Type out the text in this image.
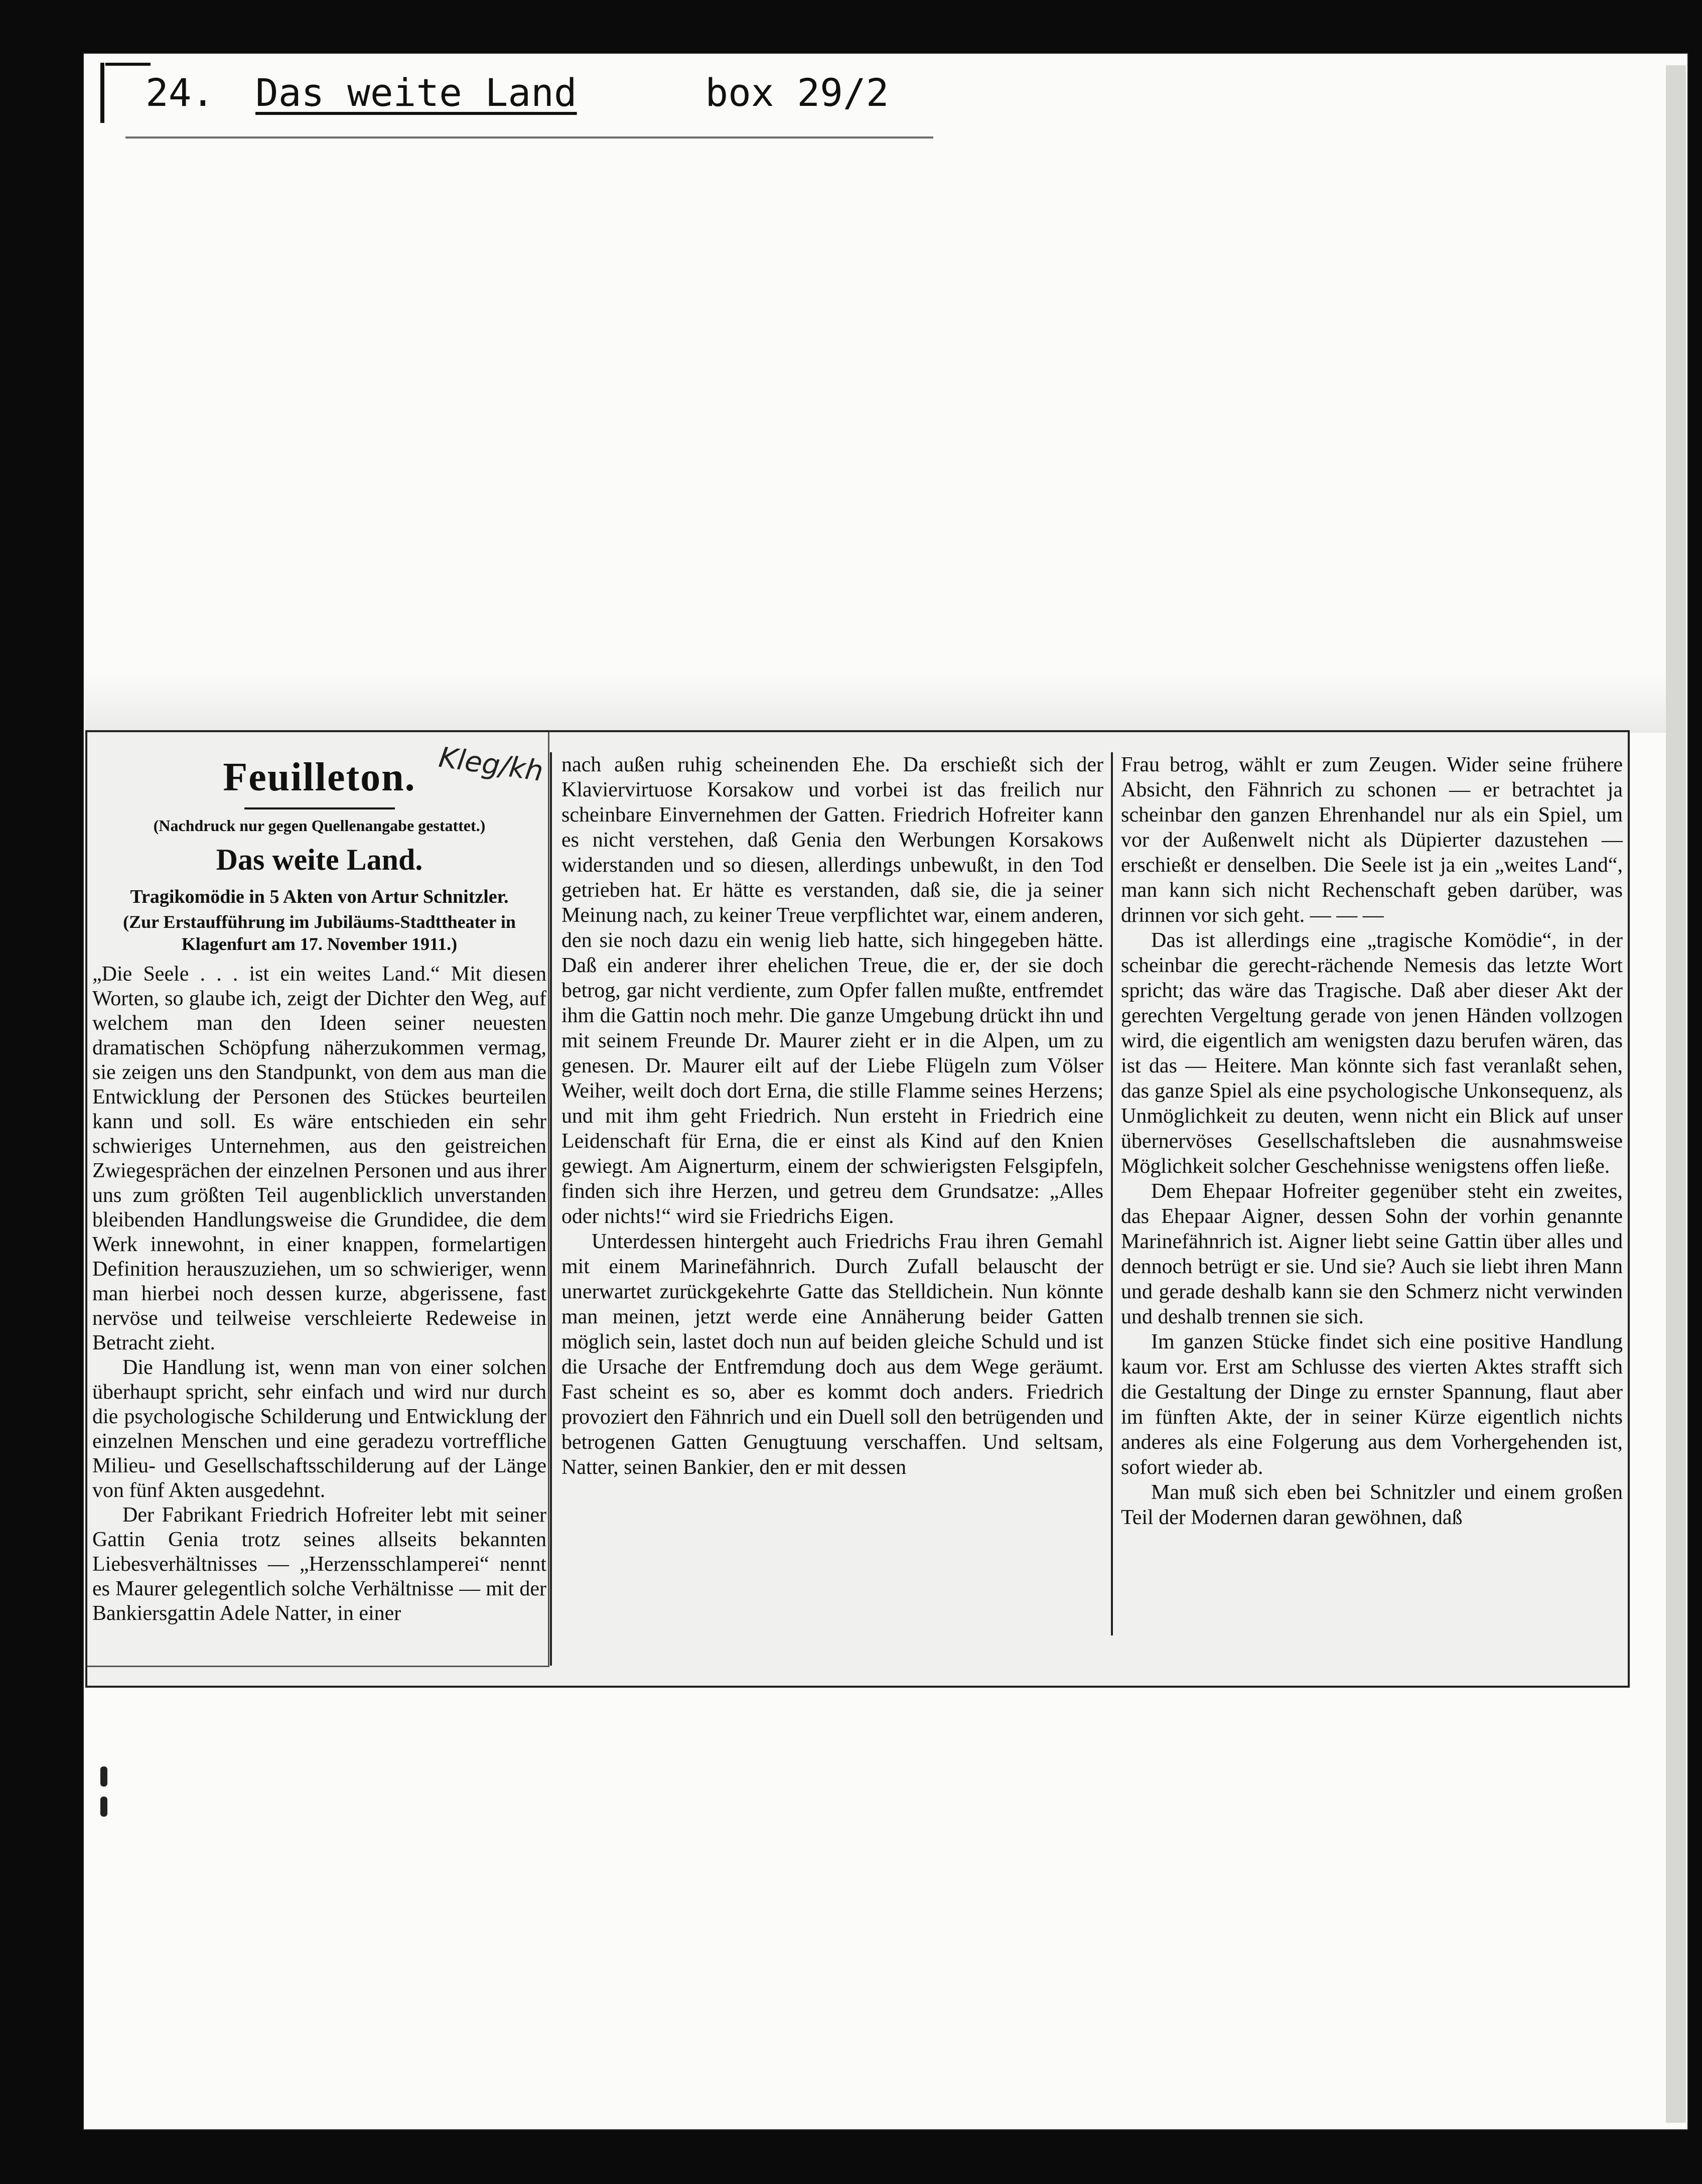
24. Das weite Land	box 29/2
Feuilleton. Kleg/kh
(Nachdruck nur gegen Quellenangabe gestattet.)
Das weite Land.
Tragikomödie in 5 Akten von Artur Schnitzler.
(Zur Erstaufführung im Jubiläums-Stadttheater in Klagenfurt am 17. November 1911.)

„Die Seele . . . ist ein weites Land.“ Mit diesen Worten, so glaube ich, zeigt der Dichter den Weg, auf welchem man den Ideen seiner neuesten dramatischen Schöpfung näherzukommen vermag, sie zeigen uns den Standpunkt, von dem aus man die Entwicklung der Personen des Stückes beurteilen kann und soll. Es wäre entschieden ein sehr schwieriges Unternehmen, aus den geistreichen Zwiegesprächen der einzelnen Personen und aus ihrer uns zum größten Teil augenblicklich unverstanden bleibenden Handlungsweise die Grundidee, die dem Werk innewohnt, in einer knappen, formelartigen Definition herauszuziehen, um so schwieriger, wenn man hierbei noch dessen kurze, abgerissene, fast nervöse und teilweise verschleierte Redeweise in Betracht zieht.

Die Handlung ist, wenn man von einer solchen überhaupt spricht, sehr einfach und wird nur durch die psychologische Schilderung und Entwicklung der einzelnen Menschen und eine geradezu vortreffliche Milieu- und Gesellschaftsschilderung auf der Länge von fünf Akten ausgedehnt.

Der Fabrikant Friedrich Hofreiter lebt mit seiner Gattin Genia trotz seines allseits bekannten Liebesverhältnisses — „Herzensschlamperei“ nennt es Maurer gelegentlich solche Verhältnisse — mit der Bankiersgattin Adele Natter, in einer

nach außen ruhig scheinenden Ehe. Da erschießt sich der Klaviervirtuose Korsakow und vorbei ist das freilich nur scheinbare Einvernehmen der Gatten. Friedrich Hofreiter kann es nicht verstehen, daß Genia den Werbungen Korsakows widerstanden und so diesen, allerdings unbewußt, in den Tod getrieben hat. Er hätte es verstanden, daß sie, die ja seiner Meinung nach, zu keiner Treue verpflichtet war, einem anderen, den sie noch dazu ein wenig lieb hatte, sich hingegeben hätte. Daß ein anderer ihrer ehelichen Treue, die er, der sie doch betrog, gar nicht verdiente, zum Opfer fallen mußte, entfremdet ihm die Gattin noch mehr. Die ganze Umgebung drückt ihn und mit seinem Freunde Dr. Maurer zieht er in die Alpen, um zu genesen. Dr. Maurer eilt auf der Liebe Flügeln zum Völser Weiher, weilt doch dort Erna, die stille Flamme seines Herzens; und mit ihm geht Friedrich. Nun ersteht in Friedrich eine Leidenschaft für Erna, die er einst als Kind auf den Knien gewiegt. Am Aignerturm, einem der schwierigsten Felsgipfeln, finden sich ihre Herzen, und getreu dem Grundsatze: „Alles oder nichts!“ wird sie Friedrichs Eigen.

Unterdessen hintergeht auch Friedrichs Frau ihren Gemahl mit einem Marinefähnrich. Durch Zufall belauscht der unerwartet zurückgekehrte Gatte das Stelldichein. Nun könnte man meinen, jetzt werde eine Annäherung beider Gatten möglich sein, lastet doch nun auf beiden gleiche Schuld und ist die Ursache der Entfremdung doch aus dem Wege geräumt. Fast scheint es so, aber es kommt doch anders. Friedrich provoziert den Fähnrich und ein Duell soll den betrügenden und betrogenen Gatten Genugtuung verschaffen. Und seltsam, Natter, seinen Bankier, den er mit dessen

Frau betrog, wählt er zum Zeugen. Wider seine frühere Absicht, den Fähnrich zu schonen — er betrachtet ja scheinbar den ganzen Ehrenhandel nur als ein Spiel, um vor der Außenwelt nicht als Düpierter dazustehen — erschießt er denselben. Die Seele ist ja ein „weites Land“, man kann sich nicht Rechenschaft geben darüber, was drinnen vor sich geht. — — —

Das ist allerdings eine „tragische Komödie“, in der scheinbar die gerecht-rächende Nemesis das letzte Wort spricht; das wäre das Tragische. Daß aber dieser Akt der gerechten Vergeltung gerade von jenen Händen vollzogen wird, die eigentlich am wenigsten dazu berufen wären, das ist das — Heitere. Man könnte sich fast veranlaßt sehen, das ganze Spiel als eine psychologische Unkonsequenz, als Unmöglichkeit zu deuten, wenn nicht ein Blick auf unser übernervöses Gesellschaftsleben die ausnahmsweise Möglichkeit solcher Geschehnisse wenigstens offen ließe.

Dem Ehepaar Hofreiter gegenüber steht ein zweites, das Ehepaar Aigner, dessen Sohn der vorhin genannte Marinefähnrich ist. Aigner liebt seine Gattin über alles und dennoch betrügt er sie. Und sie? Auch sie liebt ihren Mann und gerade deshalb kann sie den Schmerz nicht verwinden und deshalb trennen sie sich.

Im ganzen Stücke findet sich eine positive Handlung kaum vor. Erst am Schlusse des vierten Aktes strafft sich die Gestaltung der Dinge zu ernster Spannung, flaut aber im fünften Akte, der in seiner Kürze eigentlich nichts anderes als eine Folgerung aus dem Vorhergehenden ist, sofort wieder ab.

Man muß sich eben bei Schnitzler und einem großen Teil der Modernen daran gewöhnen, daß
